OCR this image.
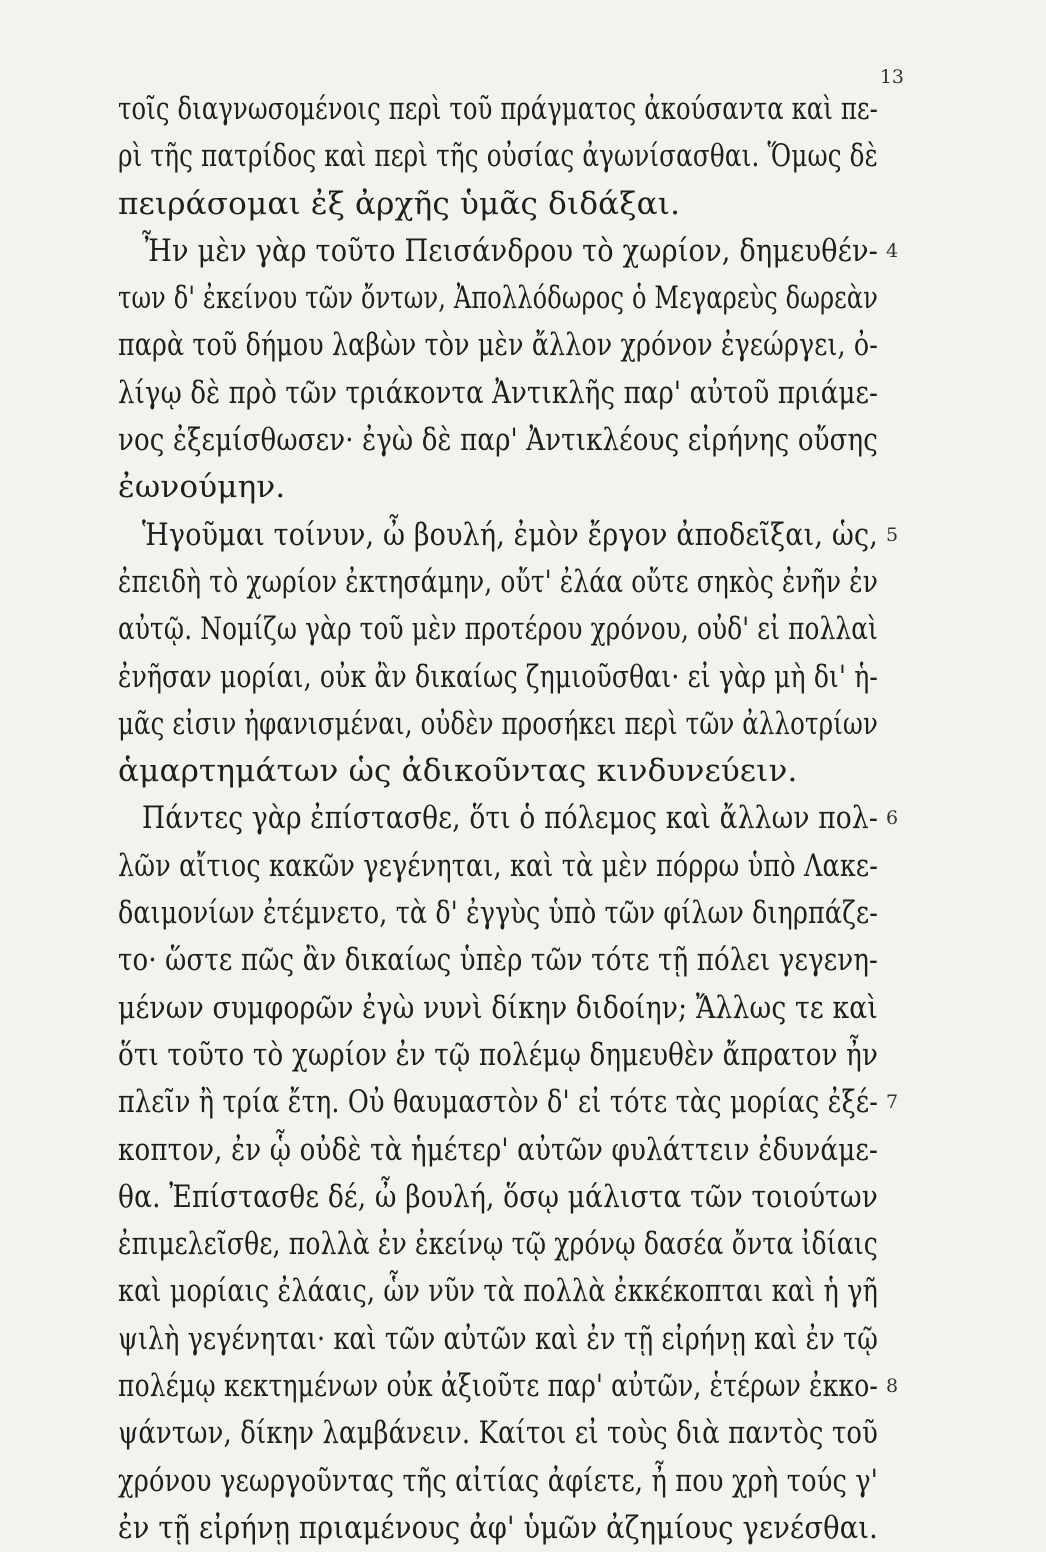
13
τοῖς διαγνωσομένοις περὶ τοῦ πράγματος ἀκούσαντα καὶ πε-
ρὶ τῆς πατρίδος καὶ περὶ τῆς οὐσίας ἀγωνίσασθαι. Ὅμως δὲ
πειράσομαι ἐξ ἀρχῆς ὑμᾶς διδάξαι.
Ἦν μὲν γὰρ τοῦτο Πεισάνδρου τὸ χωρίον, δημευθέν- 4
των δ' ἐκείνου τῶν ὄντων, Ἀπολλόδωρος ὁ Μεγαρεὺς δωρεὰν
παρὰ τοῦ δήμου λαβὼν τὸν μὲν ἄλλον χρόνον ἐγεώργει, ὀ-
λίγῳ δὲ πρὸ τῶν τριάκοντα Ἀντικλῆς παρ' αὐτοῦ πριάμε-
νος ἐξεμίσθωσεν· ἐγὼ δὲ παρ' Ἀντικλέους εἰρήνης οὔσης
ἐωνούμην.
Ἡγοῦμαι τοίνυν, ὦ βουλή, ἐμὸν ἔργον ἀποδεῖξαι, ὡς, 5
ἐπειδὴ τὸ χωρίον ἐκτησάμην, οὔτ' ἐλάα οὔτε σηκὸς ἐνῆν ἐν
αὐτῷ. Νομίζω γὰρ τοῦ μὲν προτέρου χρόνου, οὐδ' εἰ πολλαὶ
ἐνῆσαν μορίαι, οὐκ ἂν δικαίως ζημιοῦσθαι· εἰ γὰρ μὴ δι' ἡ-
μᾶς εἰσιν ἠφανισμέναι, οὐδὲν προσήκει περὶ τῶν ἀλλοτρίων
ἁμαρτημάτων ὡς ἀδικοῦντας κινδυνεύειν.
Πάντες γὰρ ἐπίστασθε, ὅτι ὁ πόλεμος καὶ ἄλλων πολ- 6
λῶν αἴτιος κακῶν γεγένηται, καὶ τὰ μὲν πόρρω ὑπὸ Λακε-
δαιμονίων ἐτέμνετο, τὰ δ' ἐγγὺς ὑπὸ τῶν φίλων διηρπάζε-
το· ὥστε πῶς ἂν δικαίως ὑπὲρ τῶν τότε τῇ πόλει γεγενη-
μένων συμφορῶν ἐγὼ νυνὶ δίκην διδοίην; Ἄλλως τε καὶ
ὅτι τοῦτο τὸ χωρίον ἐν τῷ πολέμῳ δημευθὲν ἄπρατον ἦν
πλεῖν ἢ τρία ἔτη. Οὐ θαυμαστὸν δ' εἰ τότε τὰς μορίας ἐξέ- 7
κοπτον, ἐν ᾧ οὐδὲ τὰ ἡμέτερ' αὐτῶν φυλάττειν ἐδυνάμε-
θα. Ἐπίστασθε δέ, ὦ βουλή, ὅσῳ μάλιστα τῶν τοιούτων
ἐπιμελεῖσθε, πολλὰ ἐν ἐκείνῳ τῷ χρόνῳ δασέα ὄντα ἰδίαις
καὶ μορίαις ἐλάαις, ὧν νῦν τὰ πολλὰ ἐκκέκοπται καὶ ἡ γῆ
ψιλὴ γεγένηται· καὶ τῶν αὐτῶν καὶ ἐν τῇ εἰρήνῃ καὶ ἐν τῷ
πολέμῳ κεκτημένων οὐκ ἀξιοῦτε παρ' αὐτῶν, ἑτέρων ἐκκο- 8
ψάντων, δίκην λαμβάνειν. Καίτοι εἰ τοὺς διὰ παντὸς τοῦ
χρόνου γεωργοῦντας τῆς αἰτίας ἀφίετε, ἦ που χρὴ τούς γ'
ἐν τῇ εἰρήνῃ πριαμένους ἀφ' ὑμῶν ἀζημίους γενέσθαι.
